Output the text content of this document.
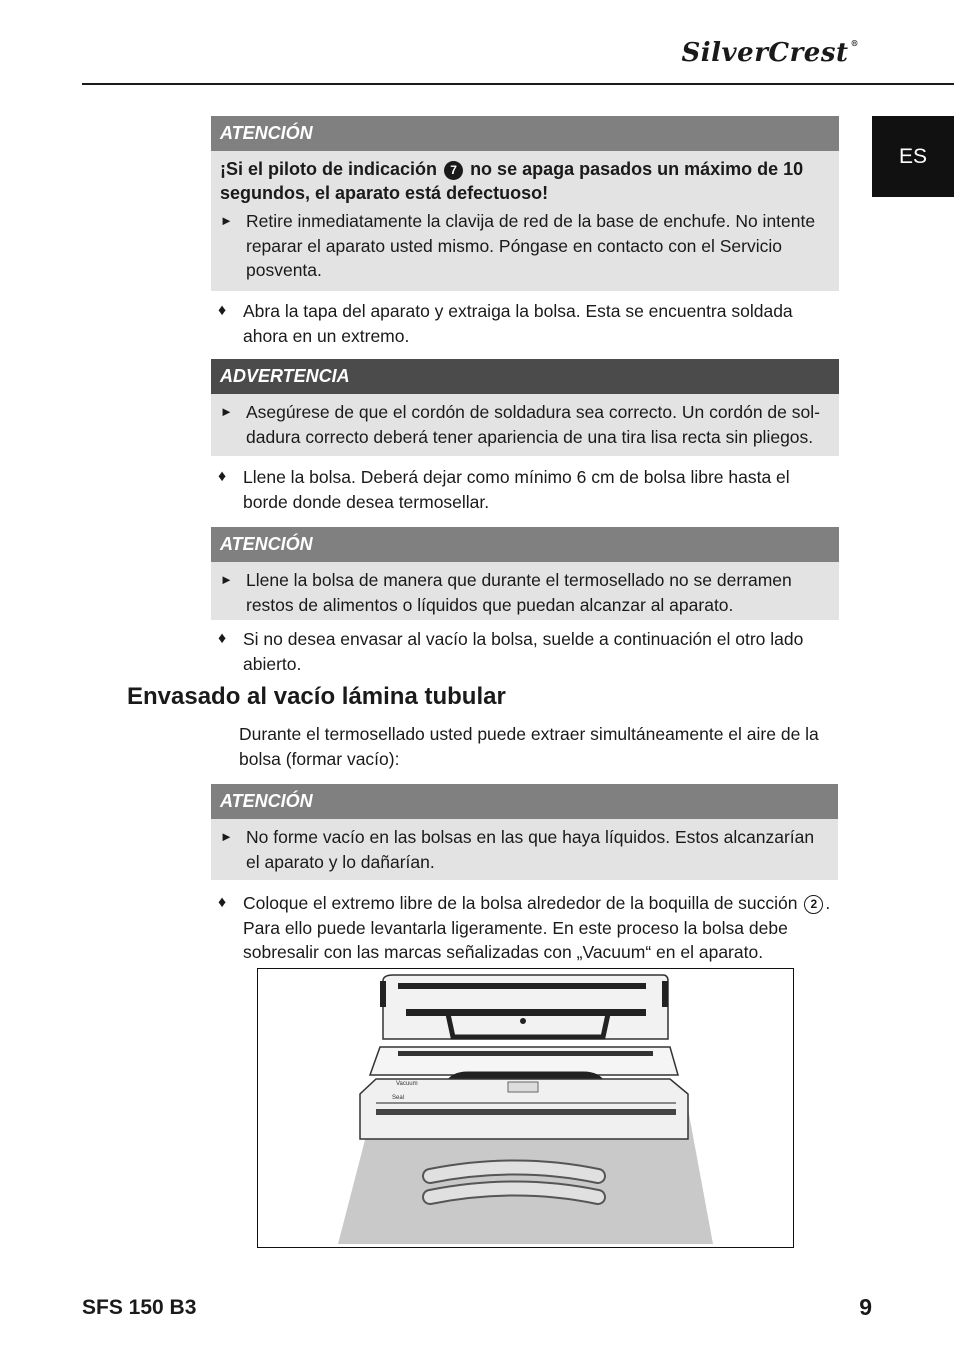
SilverCrest ®
ES
ATENCIÓN
¡Si el piloto de indicación 7 no se apaga pasados un máximo de 10 segundos, el aparato está defectuoso!
► Retire inmediatamente la clavija de red de la base de enchufe. No intente reparar el aparato usted mismo. Póngase en contacto con el Servicio posventa.

♦ Abra la tapa del aparato y extraiga la bolsa. Esta se encuentra soldada ahora en un extremo.

ADVERTENCIA
► Asegúrese de que el cordón de soldadura sea correcto. Un cordón de soldadura correcto deberá tener apariencia de una tira lisa recta sin pliegos.

♦ Llene la bolsa. Deberá dejar como mínimo 6 cm de bolsa libre hasta el borde donde desea termosellar.

ATENCIÓN
► Llene la bolsa de manera que durante el termosellado no se derramen restos de alimentos o líquidos que puedan alcanzar al aparato.

♦ Si no desea envasar al vacío la bolsa, suelde a continuación el otro lado abierto.

Envasado al vacío lámina tubular

Durante el termosellado usted puede extraer simultáneamente el aire de la bolsa (formar vacío):

ATENCIÓN
► No forme vacío en las bolsas en las que haya líquidos. Estos alcanzarían el aparato y lo dañarían.

♦ Coloque el extremo libre de la bolsa alrededor de la boquilla de succión 2 . Para ello puede levantarla ligeramente. En este proceso la bolsa debe sobresalir con las marcas señalizadas con „Vacuum“ en el aparato.

Vacuum
Seal
SFS 150 B3	9
